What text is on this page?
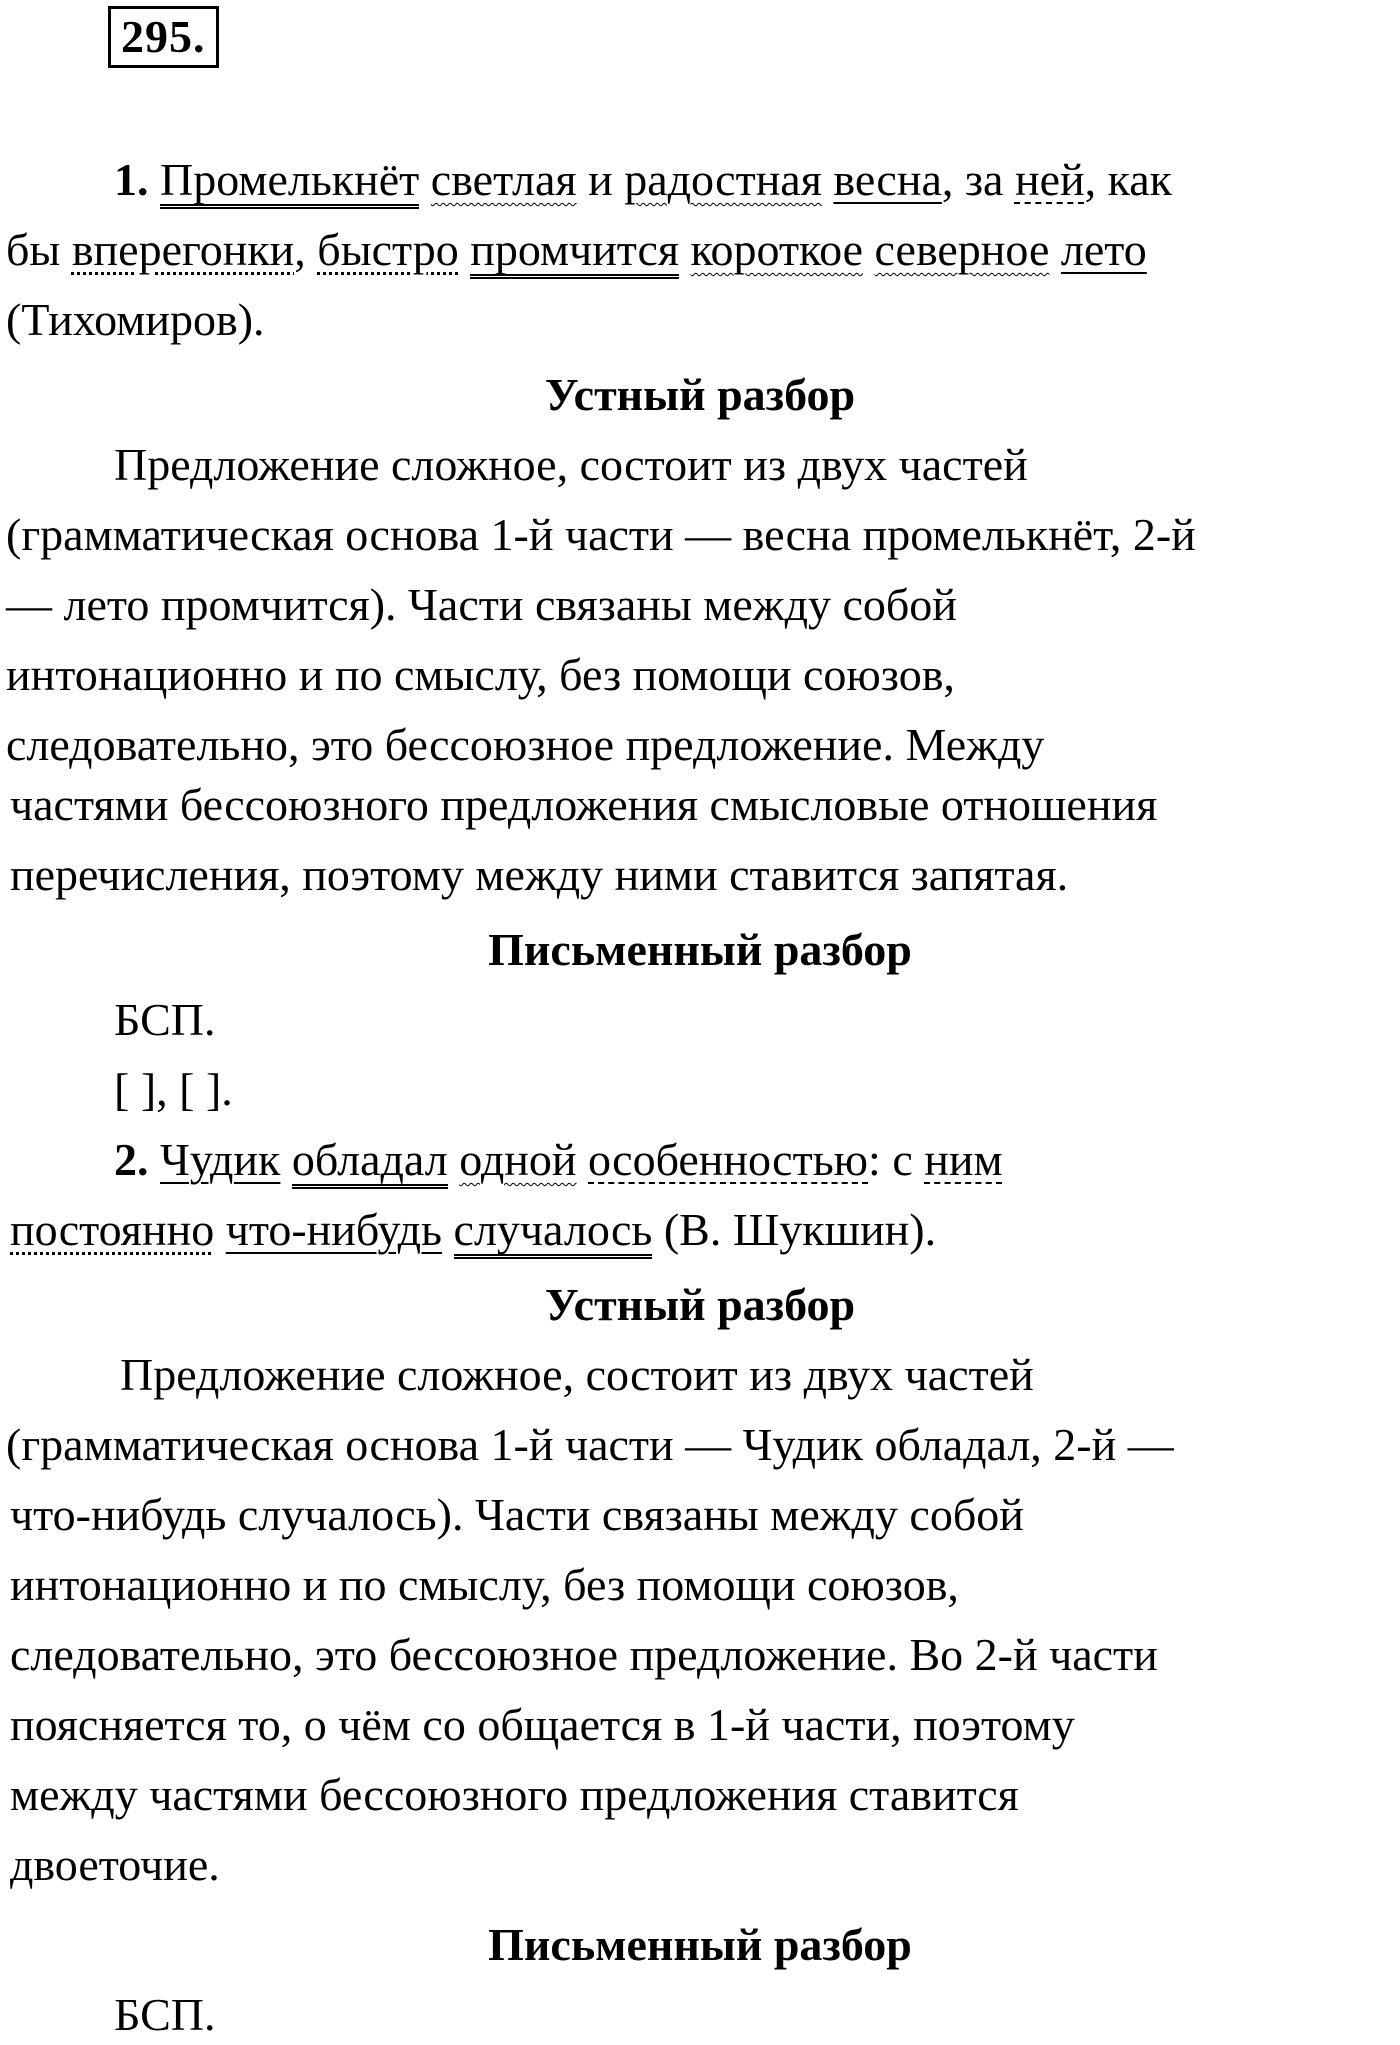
295.
1. Промелькнёт светлая и радостная весна, за ней, как
бы вперегонки, быстро промчится короткое северное лето
(Тихомиров).
Устный разбор
Предложение сложное, состоит из двух частей
(грамматическая основа 1-й части — весна промелькнёт, 2-й
— лето промчится). Части связаны между собой
интонационно и по смыслу, без помощи союзов,
следовательно, это бессоюзное предложение. Между
частями бессоюзного предложения смысловые отношения
перечисления, поэтому между ними ставится запятая.
Письменный разбор
БСП.
[ ], [ ].
2. Чудик обладал одной особенностью: с ним
постоянно что-нибудь случалось (В. Шукшин).
Устный разбор
Предложение сложное, состоит из двух частей
(грамматическая основа 1-й части — Чудик обладал, 2-й —
что-нибудь случалось). Части связаны между собой
интонационно и по смыслу, без помощи союзов,
следовательно, это бессоюзное предложение. Во 2-й части
поясняется то, о чём со общается в 1-й части, поэтому
между частями бессоюзного предложения ставится
двоеточие.
Письменный разбор
БСП.
